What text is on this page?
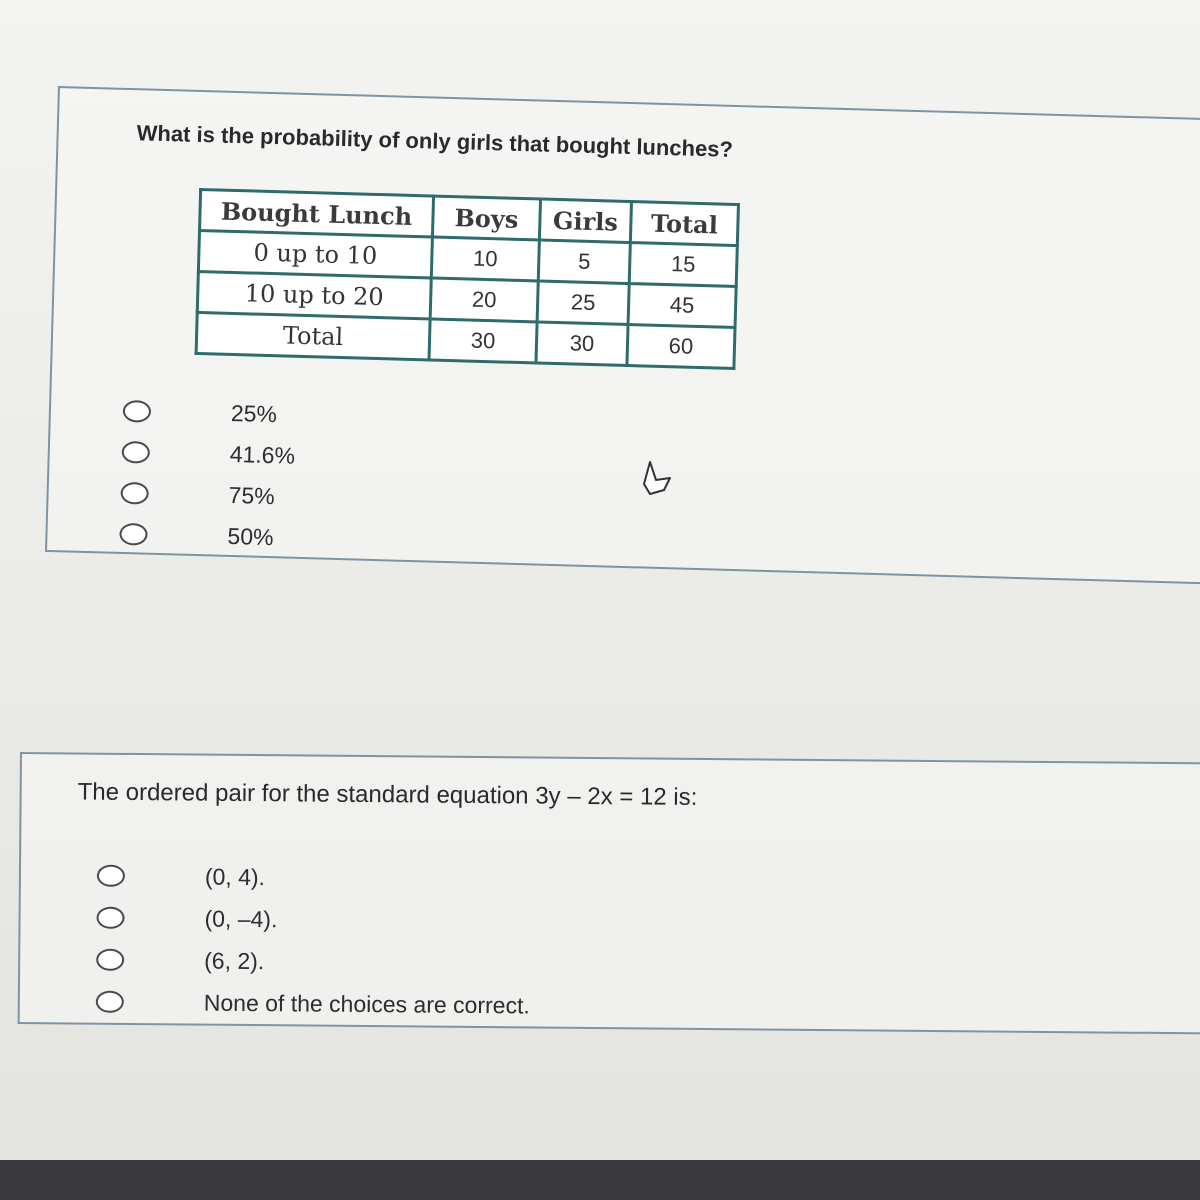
What is the probability of only girls that bought lunches?
Bought Lunch	Boys	Girls	Total
0 up to 10	10	5	15
10 up to 20	20	25	45
Total	30	30	60
25%
41.6%
75%
50%
The ordered pair for the standard equation 3y – 2x = 12 is:
(0, 4).
(0, –4).
(6, 2).
None of the choices are correct.
